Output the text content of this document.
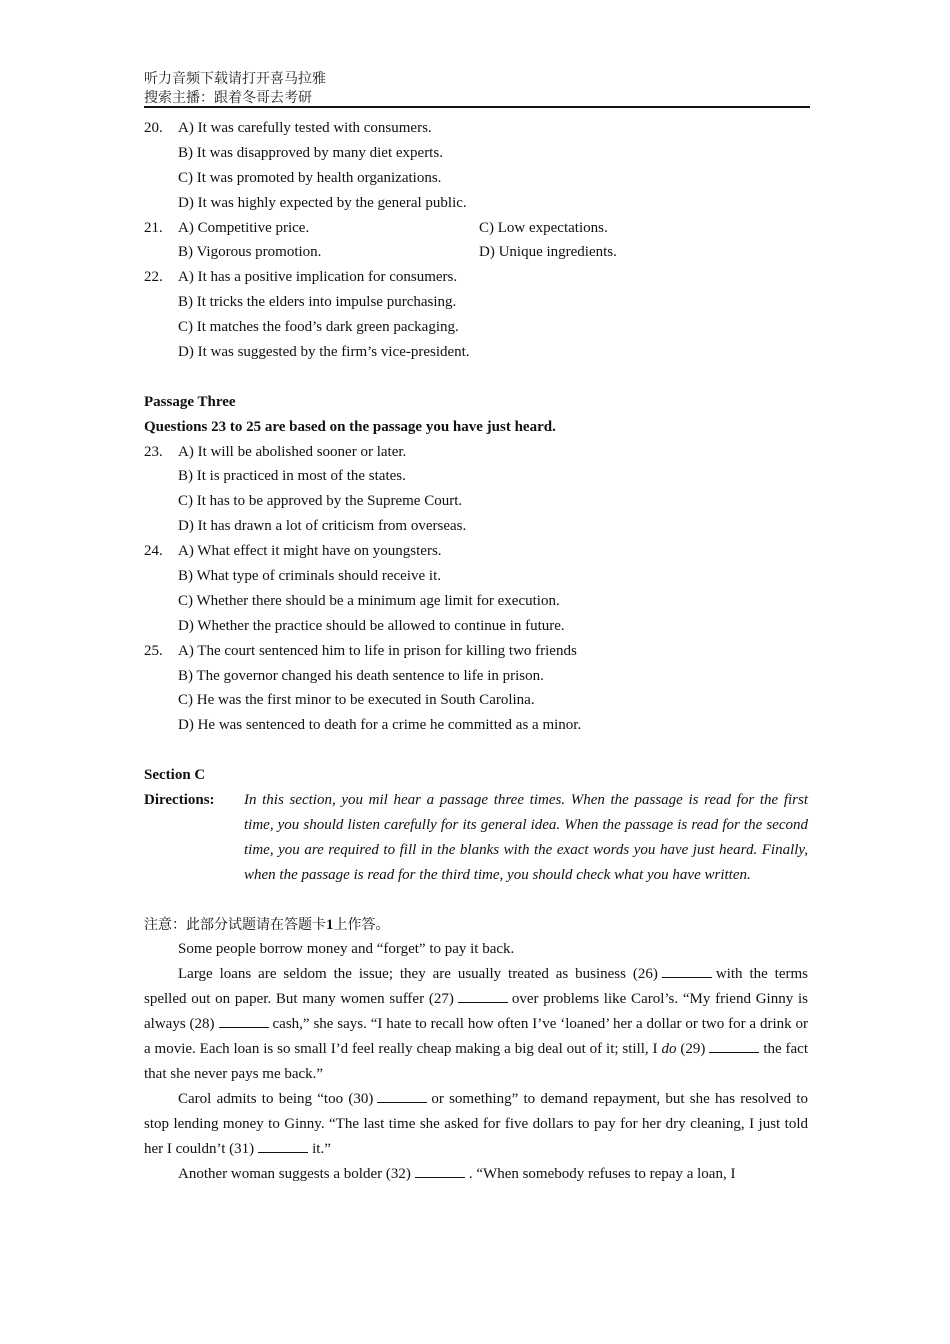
听力音频下载请打开喜马拉雅
搜索主播：跟着冬哥去考研
20. A) It was carefully tested with consumers.
B) It was disapproved by many diet experts.
C) It was promoted by health organizations.
D) It was highly expected by the general public.
21. A) Competitive price.	C) Low expectations.
B) Vigorous promotion.	D) Unique ingredients.
22. A) It has a positive implication for consumers.
B) It tricks the elders into impulse purchasing.
C) It matches the food’s dark green packaging.
D) It was suggested by the firm’s vice-president.
Passage Three
Questions 23 to 25 are based on the passage you have just heard.
23. A) It will be abolished sooner or later.
B) It is practiced in most of the states.
C) It has to be approved by the Supreme Court.
D) It has drawn a lot of criticism from overseas.
24. A) What effect it might have on youngsters.
B) What type of criminals should receive it.
C) Whether there should be a minimum age limit for execution.
D) Whether the practice should be allowed to continue in future.
25. A) The court sentenced him to life in prison for killing two friends
B) The governor changed his death sentence to life in prison.
C) He was the first minor to be executed in South Carolina.
D) He was sentenced to death for a crime he committed as a minor.
Section C
Directions: In this section, you mil hear a passage three times. When the passage is read for the first time, you should listen carefully for its general idea. When the passage is read for the second time, you are required to fill in the blanks with the exact words you have just heard. Finally, when the passage is read for the third time, you should check what you have written.
注意：此部分试题请在答题卡1上作答。
Some people borrow money and “forget” to pay it back.
Large loans are seldom the issue; they are usually treated as business (26)	with the terms spelled out on paper. But many women suffer (27)	over problems like Carol’s. “My friend Ginny is always (28)	cash,” she says. “I hate to recall how often I’ve ‘loaned’ her a dollar or two for a drink or a movie. Each loan is so small I’d feel really cheap making a big deal out of it; still, I do (29)	the fact that she never pays me back.”
Carol admits to being “too (30)	or something” to demand repayment, but she has resolved to stop lending money to Ginny. “The last time she asked for five dollars to pay for her dry cleaning, I just told her I couldn’t (31)	it.”
Another woman suggests a bolder (32)	. “When somebody refuses to repay a loan, I
